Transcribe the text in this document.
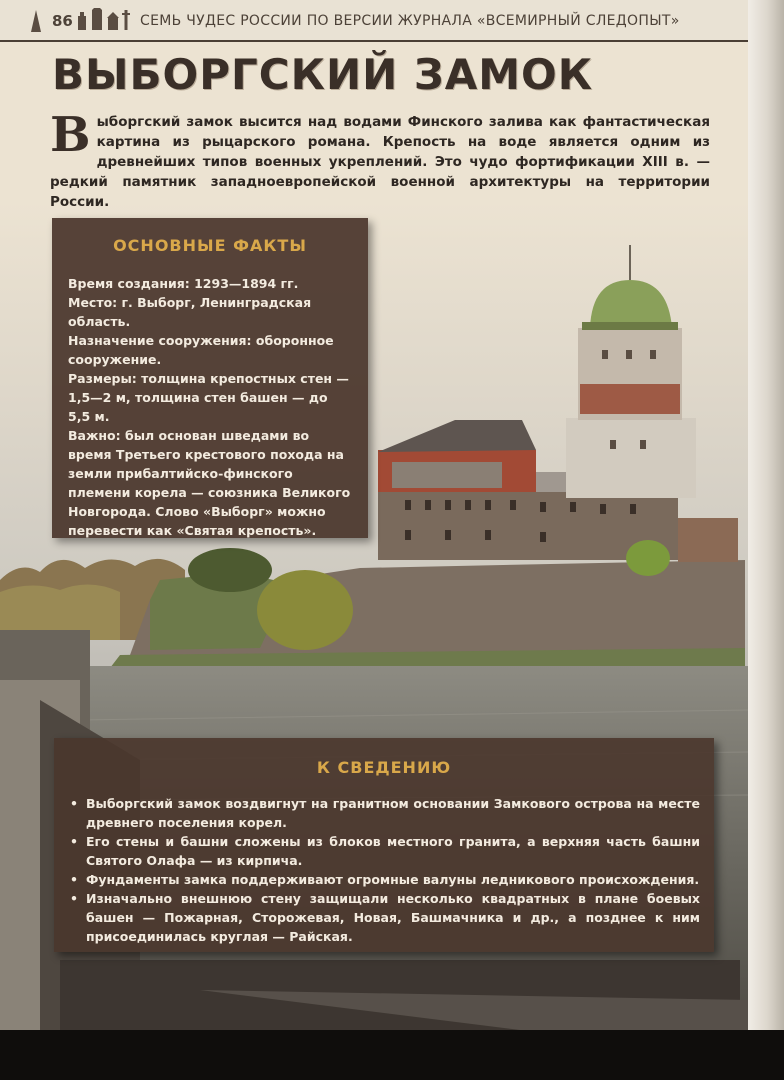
86	СЕМЬ ЧУДЕС РОССИИ ПО ВЕРСИИ ЖУРНАЛА «ВСЕМИРНЫЙ СЛЕДОПЫТ»
ВЫБОРГСКИЙ ЗАМОК
Выборгский замок высится над водами Финского залива как фантастическая картина из рыцарского романа. Крепость на воде является одним из древнейших типов военных укреплений. Это чудо фортификации XIII в. — редкий памятник западноевропейской военной архитектуры на территории России.
ОСНОВНЫЕ ФАКТЫ

Время создания: 1293—1894 гг.

Место: г. Выборг, Ленинградская область.

Назначение сооружения: оборонное сооружение.

Размеры: толщина крепостных стен — 1,5—2 м, толщина стен башен — до 5,5 м.

Важно: был основан шведами во время Третьего крестового похода на земли прибалтийско-финского племени корела — союзника Великого Новгорода. Слово «Выборг» можно перевести как «Святая крепость».

К СВЕДЕНИЮ
• Выборгский замок воздвигнут на гранитном основании Замкового острова на месте древнего поселения корел.
• Его стены и башни сложены из блоков местного гранита, а верхняя часть башни Святого Олафа — из кирпича.
• Фундаменты замка поддерживают огромные валуны ледникового происхождения.
• Изначально внешнюю стену защищали несколько квадратных в плане боевых башен — Пожарная, Сторожевая, Новая, Башмачника и др., а позднее к ним присоединилась круглая — Райская.
